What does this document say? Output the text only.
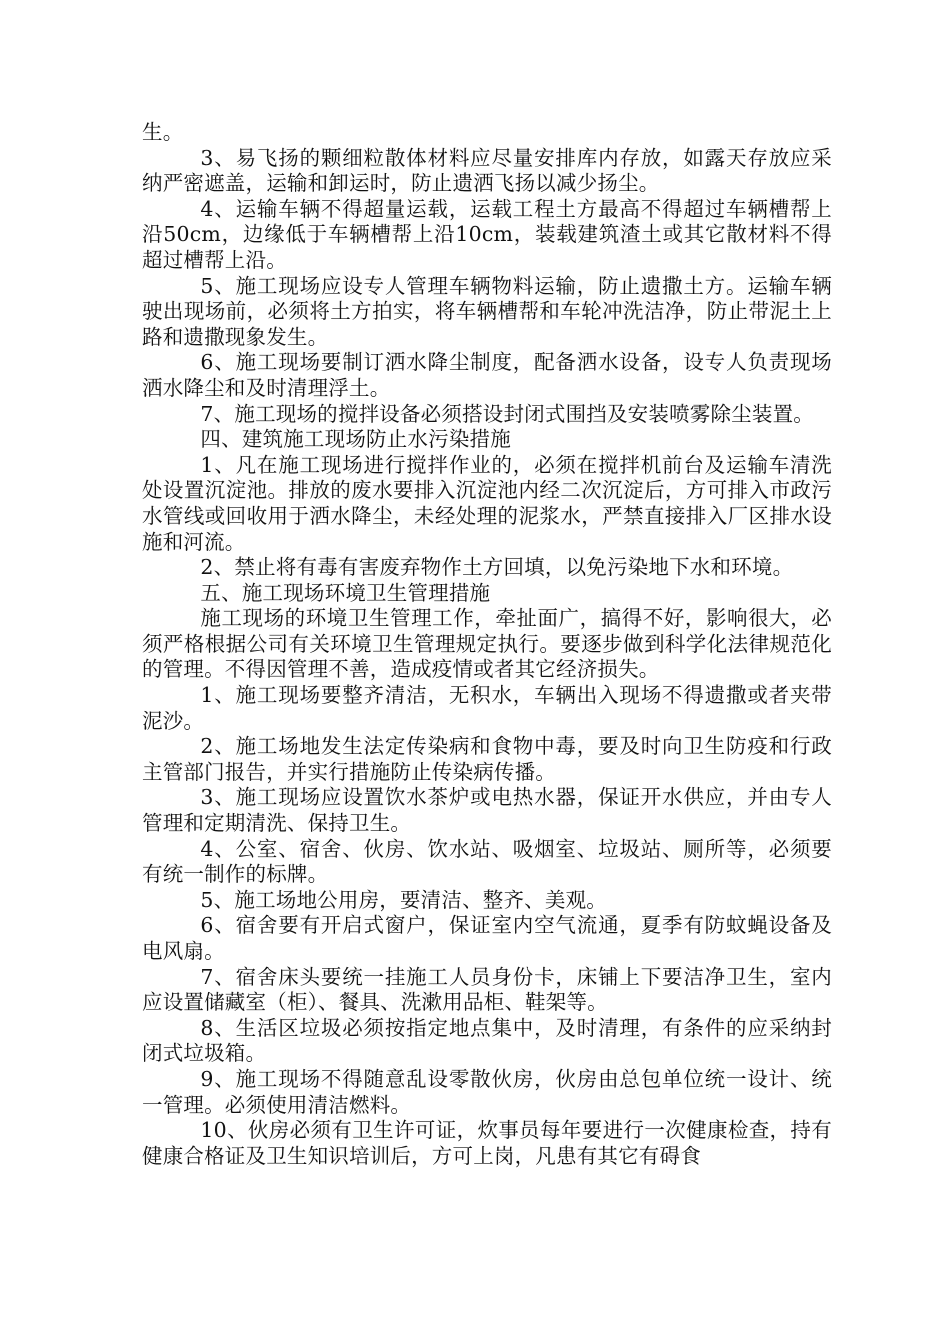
生。

3、易飞扬的颗细粒散体材料应尽量安排库内存放，如露天存放应采纳严密遮盖，运输和卸运时，防止遗洒飞扬以减少扬尘。

4、运输车辆不得超量运载，运载工程土方最高不得超过车辆槽帮上沿50cm，边缘低于车辆槽帮上沿10cm，装载建筑渣土或其它散材料不得超过槽帮上沿。

5、施工现场应设专人管理车辆物料运输，防止遗撒土方。运输车辆驶出现场前，必须将土方拍实，将车辆槽帮和车轮冲洗洁净，防止带泥土上路和遗撒现象发生。

6、施工现场要制订洒水降尘制度，配备洒水设备，设专人负责现场洒水降尘和及时清理浮土。

7、施工现场的搅拌设备必须搭设封闭式围挡及安装喷雾除尘装置。

四、建筑施工现场防止水污染措施

1、凡在施工现场进行搅拌作业的，必须在搅拌机前台及运输车清洗处设置沉淀池。排放的废水要排入沉淀池内经二次沉淀后，方可排入市政污水管线或回收用于洒水降尘，未经处理的泥浆水，严禁直接排入厂区排水设施和河流。

2、禁止将有毒有害废弃物作土方回填，以免污染地下水和环境。

五、施工现场环境卫生管理措施

施工现场的环境卫生管理工作，牵扯面广，搞得不好，影响很大，必须严格根据公司有关环境卫生管理规定执行。要逐步做到科学化法律规范化的管理。不得因管理不善，造成疫情或者其它经济损失。

1、施工现场要整齐清洁，无积水，车辆出入现场不得遗撒或者夹带泥沙。

2、施工场地发生法定传染病和食物中毒，要及时向卫生防疫和行政主管部门报告，并实行措施防止传染病传播。

3、施工现场应设置饮水茶炉或电热水器，保证开水供应，并由专人管理和定期清洗、保持卫生。

4、公室、宿舍、伙房、饮水站、吸烟室、垃圾站、厕所等，必须要有统一制作的标牌。

5、施工场地公用房，要清洁、整齐、美观。

6、宿舍要有开启式窗户，保证室内空气流通，夏季有防蚊蝇设备及电风扇。

7、宿舍床头要统一挂施工人员身份卡，床铺上下要洁净卫生，室内应设置储藏室（柜）、餐具、洗漱用品柜、鞋架等。

8、生活区垃圾必须按指定地点集中，及时清理，有条件的应采纳封闭式垃圾箱。

9、施工现场不得随意乱设零散伙房，伙房由总包单位统一设计、统一管理。必须使用清洁燃料。

10、伙房必须有卫生许可证，炊事员每年要进行一次健康检查，持有健康合格证及卫生知识培训后，方可上岗，凡患有其它有碍食
